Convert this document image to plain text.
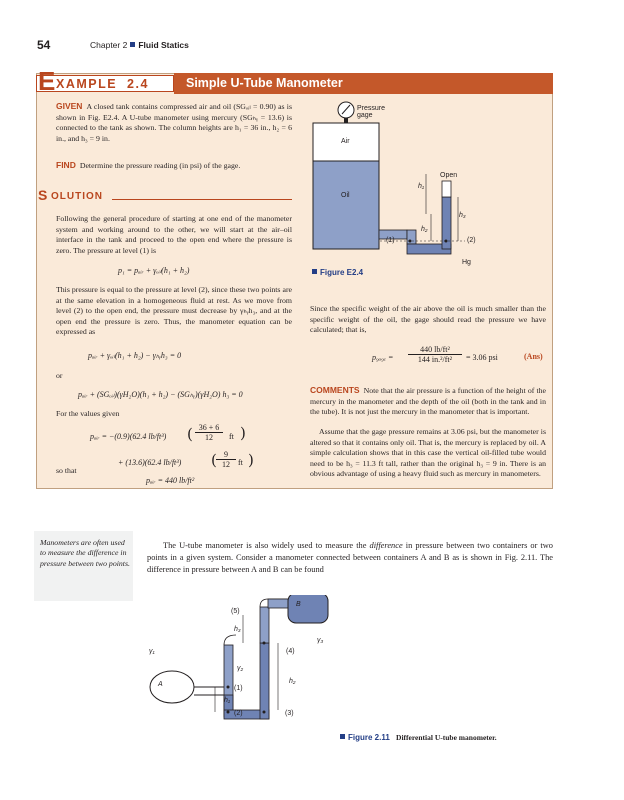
54	Chapter 2 Fluid Statics
E XAMPLE 2.4	Simple U-Tube Manometer
GIVEN A closed tank contains compressed air and oil (SGₒᵢₗ = 0.90) as is shown in Fig. E2.4. A U-tube manometer using mercury (SGₕᵧ = 13.6) is connected to the tank as shown. The column heights are h₁ = 36 in., h₂ = 6 in., and h₃ = 9 in.
FIND Determine the pressure reading (in psi) of the gage.
S OLUTION
Following the general procedure of starting at one end of the manometer system and working around to the other, we will start at the air–oil interface in the tank and proceed to the open end where the pressure is zero. The pressure at level (1) is
p₁ = pₐᵢᵣ + γₒᵢₗ(h₁ + h₂)
This pressure is equal to the pressure at level (2), since these two points are at the same elevation in a homogeneous fluid at rest. As we move from level (2) to the open end, the pressure must decrease by γₕᵧh₃, and at the open end the pressure is zero. Thus, the manometer equation can be expressed as
pₐᵢᵣ + γₒᵢₗ(h₁ + h₂) − γₕᵧh₃ = 0
or
pₐᵢᵣ + (SGₒᵢₗ)(γH₂O)(h₁ + h₂) − (SGₕᵧ)(γH₂O) h₃ = 0
For the values given
pₐᵢᵣ = −(0.9)(62.4 lb/ft³) ( 36 + 6
12	ft )
+ (13.6)(62.4 lb/ft³)
9
12
(	ft )
so that
pₐᵢᵣ = 440 lb/ft²
Pressure gage
Air
Oil
Open
Hg
h₁
h₂
h₃
(1)	(2)
Figure E2.4
Since the specific weight of the air above the oil is much smaller than the specific weight of the oil, the gage should read the pressure we have calculated; that is,
p₉ₐ₉ₑ =
440 lb/ft²
144 in.²/ft²	= 3.06 psi	(Ans)
COMMENTS Note that the air pressure is a function of the height of the mercury in the manometer and the depth of the oil (both in the tank and in the tube). It is not just the mercury in the manometer that is important.
Assume that the gage pressure remains at 3.06 psi, but the manometer is altered so that it contains only oil. That is, the mercury is replaced by oil. A simple calculation shows that in this case the vertical oil-filled tube would need to be h₃ = 11.3 ft tall, rather than the original h₃ = 9 in. There is an obvious advantage of using a heavy fluid such as mercury in manometers.
Manometers are often used to measure the difference in pressure between two points.
The U-tube manometer is also widely used to measure the difference in pressure between two containers or two points in a given system. Consider a manometer connected between containers A and B as is shown in Fig. 2.11. The difference in pressure between A and B can be found
(5)
B
γ₃
h₃
(4)
γ₁
γ₂
h₂
A
(1)
h₁
(2)	(3)
Figure 2.11 Differential U-tube manometer.
